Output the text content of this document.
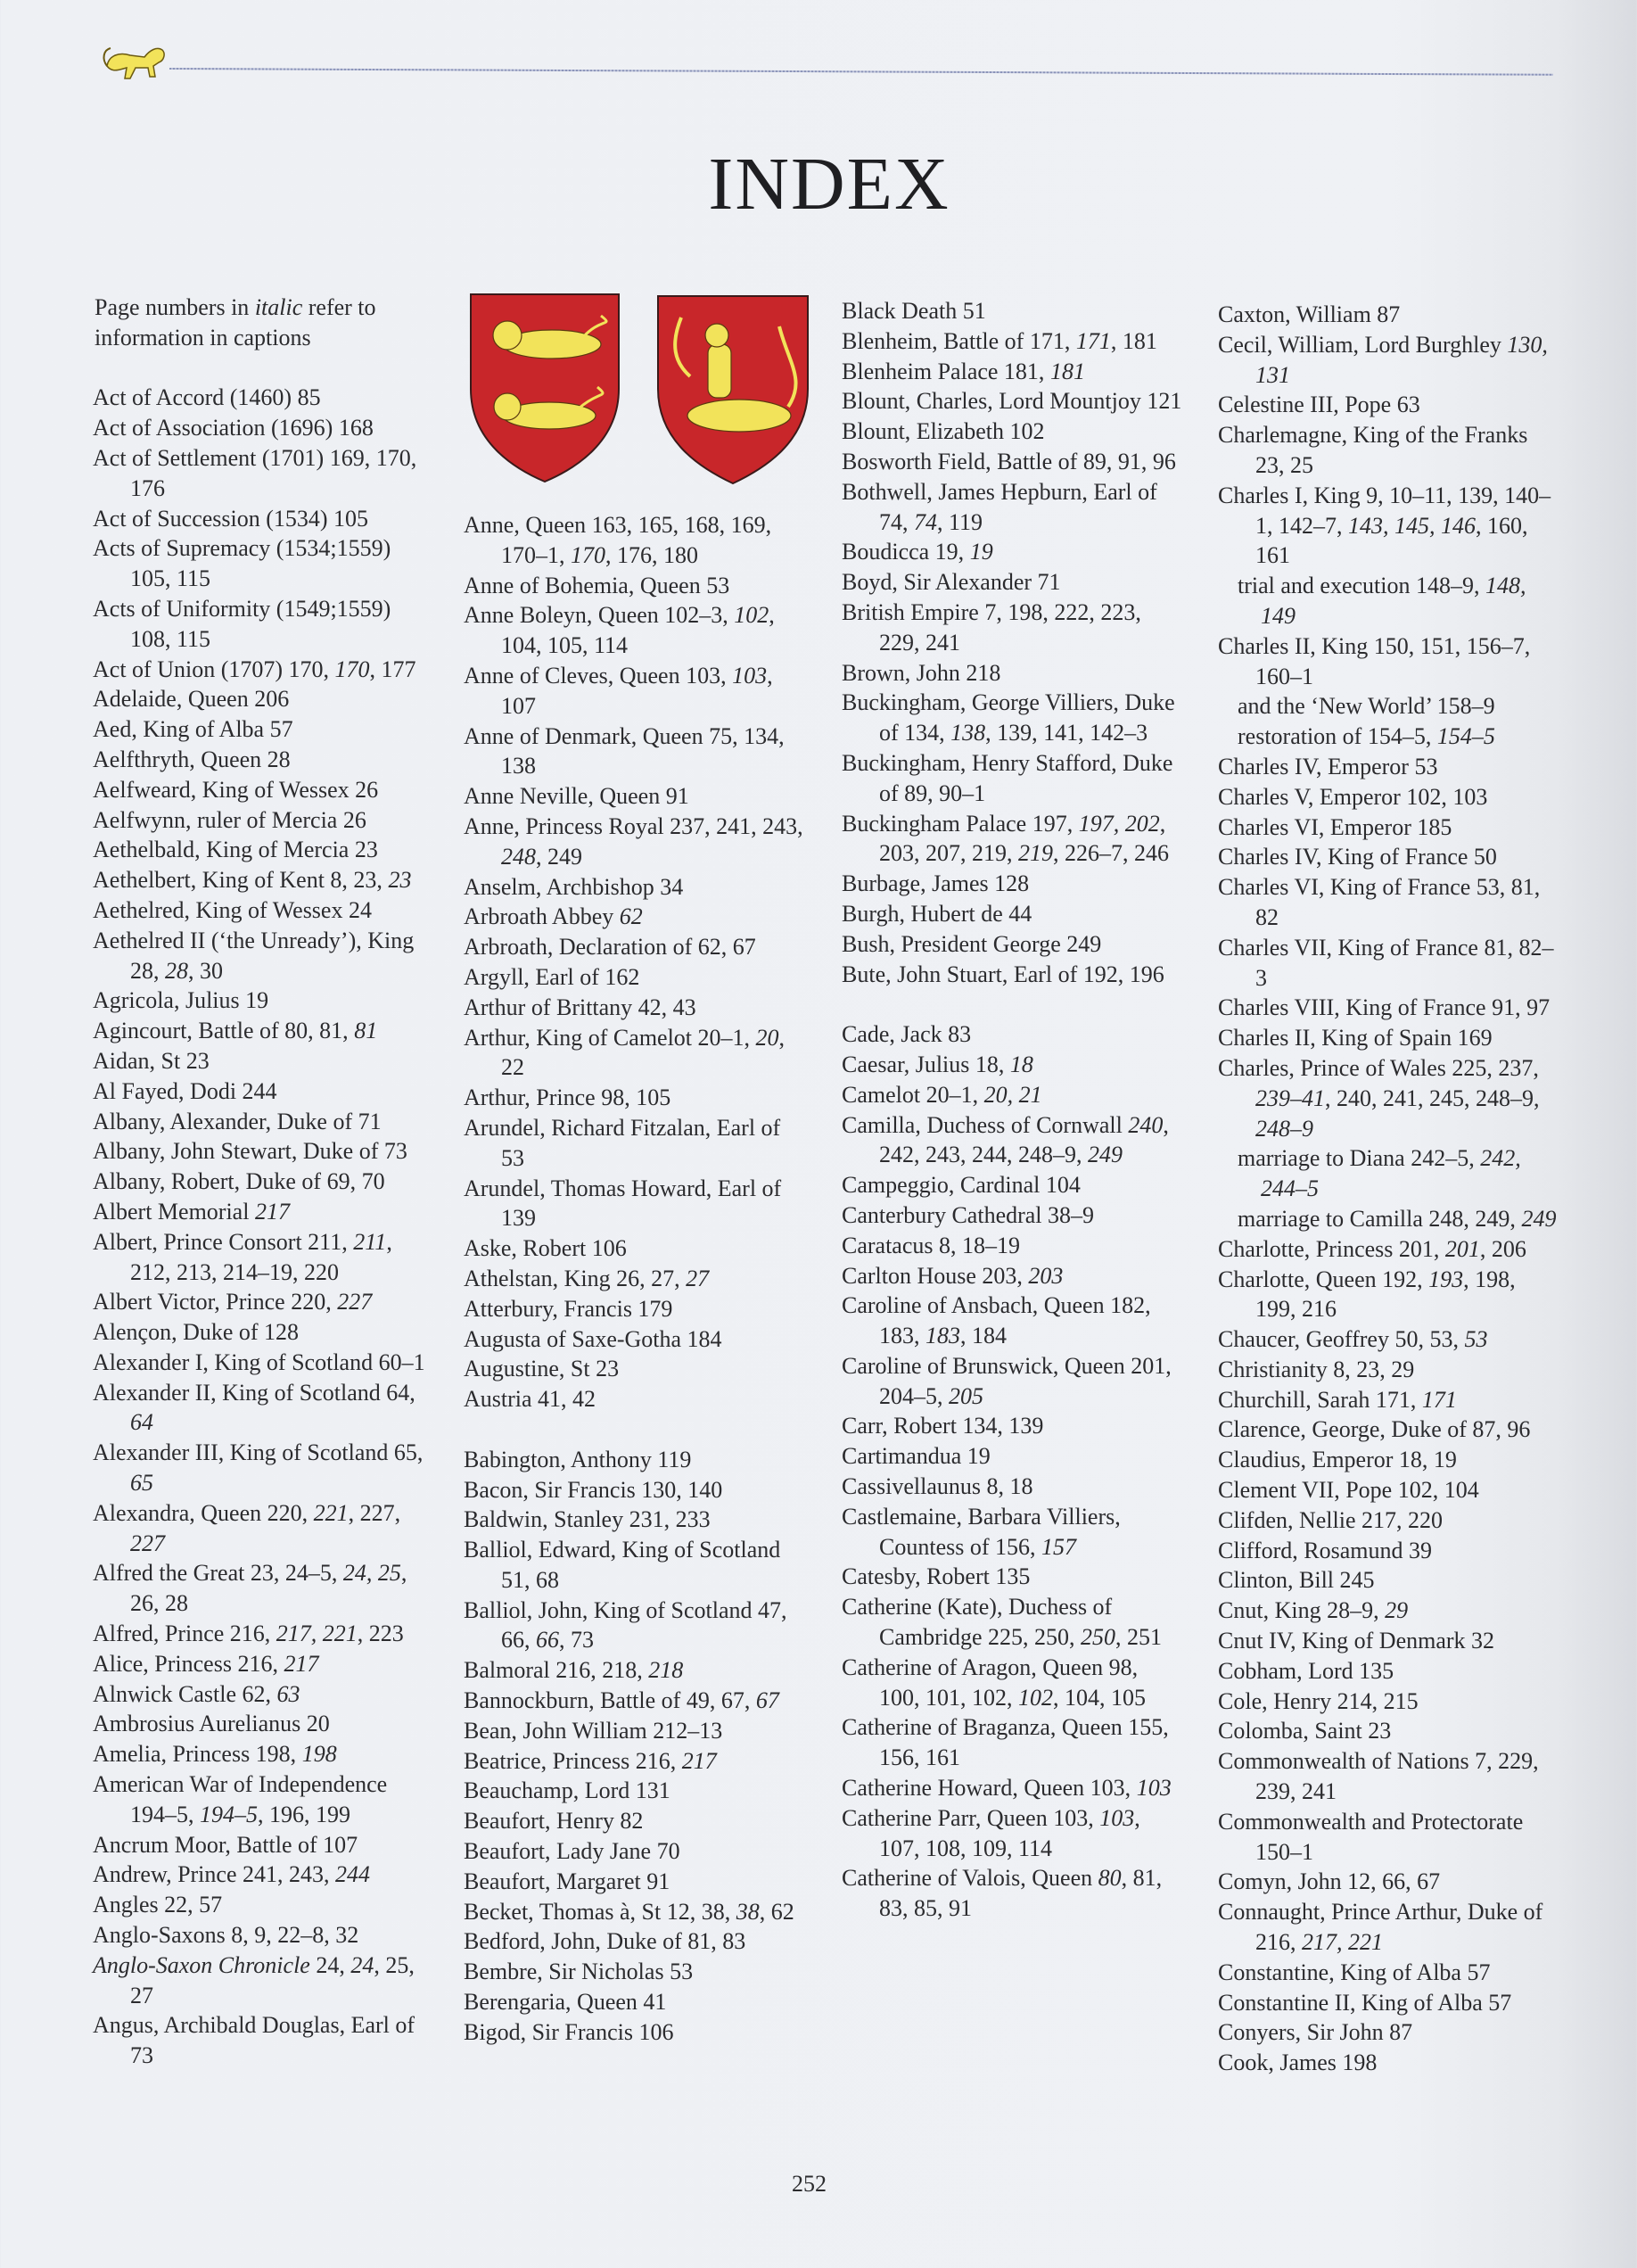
INDEX
Page numbers in italic refer to information in captions
Act of Accord (1460) 85
Act of Association (1696) 168
Act of Settlement (1701) 169, 170, 176
Act of Succession (1534) 105
Acts of Supremacy (1534;1559) 105, 115
Acts of Uniformity (1549;1559) 108, 115
Act of Union (1707) 170, 170, 177
Adelaide, Queen 206
Aed, King of Alba 57
Aelfthryth, Queen 28
Aelfweard, King of Wessex 26
Aelfwynn, ruler of Mercia 26
Aethelbald, King of Mercia 23
Aethelbert, King of Kent 8, 23, 23
Aethelred, King of Wessex 24
Aethelred II (‘the Unready’), King 28, 28, 30
Agricola, Julius 19
Agincourt, Battle of 80, 81, 81
Aidan, St 23
Al Fayed, Dodi 244
Albany, Alexander, Duke of 71
Albany, John Stewart, Duke of 73
Albany, Robert, Duke of 69, 70
Albert Memorial 217
Albert, Prince Consort 211, 211, 212, 213, 214–19, 220
Albert Victor, Prince 220, 227
Alençon, Duke of 128
Alexander I, King of Scotland 60–1
Alexander II, King of Scotland 64, 64
Alexander III, King of Scotland 65, 65
Alexandra, Queen 220, 221, 227, 227
Alfred the Great 23, 24–5, 24, 25, 26, 28
Alfred, Prince 216, 217, 221, 223
Alice, Princess 216, 217
Alnwick Castle 62, 63
Ambrosius Aurelianus 20
Amelia, Princess 198, 198
American War of Independence 194–5, 194–5, 196, 199
Ancrum Moor, Battle of 107
Andrew, Prince 241, 243, 244
Angles 22, 57
Anglo-Saxons 8, 9, 22–8, 32
Anglo-Saxon Chronicle 24, 24, 25, 27
Angus, Archibald Douglas, Earl of 73
Anne, Queen 163, 165, 168, 169, 170–1, 170, 176, 180
Anne of Bohemia, Queen 53
Anne Boleyn, Queen 102–3, 102, 104, 105, 114
Anne of Cleves, Queen 103, 103, 107
Anne of Denmark, Queen 75, 134, 138
Anne Neville, Queen 91
Anne, Princess Royal 237, 241, 243, 248, 249
Anselm, Archbishop 34
Arbroath Abbey 62
Arbroath, Declaration of 62, 67
Argyll, Earl of 162
Arthur of Brittany 42, 43
Arthur, King of Camelot 20–1, 20, 22
Arthur, Prince 98, 105
Arundel, Richard Fitzalan, Earl of 53
Arundel, Thomas Howard, Earl of 139
Aske, Robert 106
Athelstan, King 26, 27, 27
Atterbury, Francis 179
Augusta of Saxe-Gotha 184
Augustine, St 23
Austria 41, 42
Babington, Anthony 119
Bacon, Sir Francis 130, 140
Baldwin, Stanley 231, 233
Balliol, Edward, King of Scotland 51, 68
Balliol, John, King of Scotland 47, 66, 66, 73
Balmoral 216, 218, 218
Bannockburn, Battle of 49, 67, 67
Bean, John William 212–13
Beatrice, Princess 216, 217
Beauchamp, Lord 131
Beaufort, Henry 82
Beaufort, Lady Jane 70
Beaufort, Margaret 91
Becket, Thomas à, St 12, 38, 38, 62
Bedford, John, Duke of 81, 83
Bembre, Sir Nicholas 53
Berengaria, Queen 41
Bigod, Sir Francis 106
Black Death 51
Blenheim, Battle of 171, 171, 181
Blenheim Palace 181, 181
Blount, Charles, Lord Mountjoy 121
Blount, Elizabeth 102
Bosworth Field, Battle of 89, 91, 96
Bothwell, James Hepburn, Earl of 74, 74, 119
Boudicca 19, 19
Boyd, Sir Alexander 71
British Empire 7, 198, 222, 223, 229, 241
Brown, John 218
Buckingham, George Villiers, Duke of 134, 138, 139, 141, 142–3
Buckingham, Henry Stafford, Duke of 89, 90–1
Buckingham Palace 197, 197, 202, 203, 207, 219, 219, 226–7, 246
Burbage, James 128
Burgh, Hubert de 44
Bush, President George 249
Bute, John Stuart, Earl of 192, 196
Cade, Jack 83
Caesar, Julius 18, 18
Camelot 20–1, 20, 21
Camilla, Duchess of Cornwall 240, 242, 243, 244, 248–9, 249
Campeggio, Cardinal 104
Canterbury Cathedral 38–9
Caratacus 8, 18–19
Carlton House 203, 203
Caroline of Ansbach, Queen 182, 183, 183, 184
Caroline of Brunswick, Queen 201, 204–5, 205
Carr, Robert 134, 139
Cartimandua 19
Cassivellaunus 8, 18
Castlemaine, Barbara Villiers, Countess of 156, 157
Catesby, Robert 135
Catherine (Kate), Duchess of Cambridge 225, 250, 250, 251
Catherine of Aragon, Queen 98, 100, 101, 102, 102, 104, 105
Catherine of Braganza, Queen 155, 156, 161
Catherine Howard, Queen 103, 103
Catherine Parr, Queen 103, 103, 107, 108, 109, 114
Catherine of Valois, Queen 80, 81, 83, 85, 91
Caxton, William 87
Cecil, William, Lord Burghley 130, 131
Celestine III, Pope 63
Charlemagne, King of the Franks 23, 25
Charles I, King 9, 10–11, 139, 140–1, 142–7, 143, 145, 146, 160, 161
trial and execution 148–9, 148, 149
Charles II, King 150, 151, 156–7, 160–1
and the ‘New World’ 158–9
restoration of 154–5, 154–5
Charles IV, Emperor 53
Charles V, Emperor 102, 103
Charles VI, Emperor 185
Charles IV, King of France 50
Charles VI, King of France 53, 81, 82
Charles VII, King of France 81, 82–3
Charles VIII, King of France 91, 97
Charles II, King of Spain 169
Charles, Prince of Wales 225, 237, 239–41, 240, 241, 245, 248–9, 248–9
marriage to Diana 242–5, 242, 244–5
marriage to Camilla 248, 249, 249
Charlotte, Princess 201, 201, 206
Charlotte, Queen 192, 193, 198, 199, 216
Chaucer, Geoffrey 50, 53, 53
Christianity 8, 23, 29
Churchill, Sarah 171, 171
Clarence, George, Duke of 87, 96
Claudius, Emperor 18, 19
Clement VII, Pope 102, 104
Clifden, Nellie 217, 220
Clifford, Rosamund 39
Clinton, Bill 245
Cnut, King 28–9, 29
Cnut IV, King of Denmark 32
Cobham, Lord 135
Cole, Henry 214, 215
Colomba, Saint 23
Commonwealth of Nations 7, 229, 239, 241
Commonwealth and Protectorate 150–1
Comyn, John 12, 66, 67
Connaught, Prince Arthur, Duke of 216, 217, 221
Constantine, King of Alba 57
Constantine II, King of Alba 57
Conyers, Sir John 87
Cook, James 198
252
